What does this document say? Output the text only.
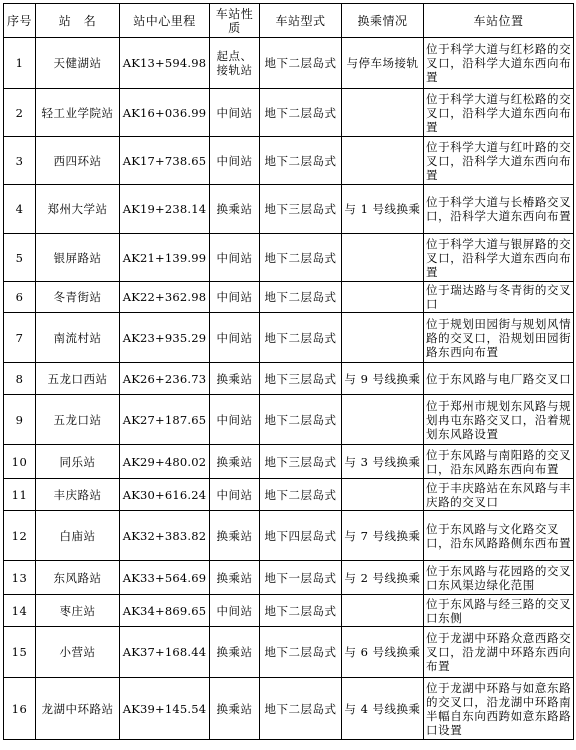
序号	站　名	站中心里程	车站性质	车站型式	换乘情况	车站位置
1	天健湖站	AK13+594.98	起点、接轨站	地下二层岛式	与停车场接轨	位于科学大道与红杉路的交叉口，沿科学大道东西向布置
2	轻工业学院站	AK16+036.99	中间站	地下二层岛式		位于科学大道与红松路的交叉口，沿科学大道东西向布置
3	西四环站	AK17+738.65	中间站	地下二层岛式		位于科学大道与红叶路的交叉口，沿科学大道东西向布置
4	郑州大学站	AK19+238.14	换乘站	地下三层岛式	与 1 号线换乘	位于科学大道与长椿路交叉口，沿科学大道东西向布置
5	银屏路站	AK21+139.99	中间站	地下二层岛式		位于科学大道与银屏路的交叉口，沿科学大道东西向布置
6	冬青街站	AK22+362.98	中间站	地下二层岛式		位于瑞达路与冬青街的交叉口
7	南流村站	AK23+935.29	中间站	地下二层岛式		位于规划田园街与规划风情路的交叉口，沿规划田园街路东西向布置
8	五龙口西站	AK26+236.73	换乘站	地下三层岛式	与 9 号线换乘	位于东风路与电厂路交叉口
9	五龙口站	AK27+187.65	中间站	地下二层岛式		位于郑州市规划东风路与规划冉屯东路交叉口，沿着规划东风路设置
10	同乐站	AK29+480.02	换乘站	地下三层岛式	与 3 号线换乘	位于东风路与南阳路的交叉口，沿东风路东西向布置
11	丰庆路站	AK30+616.24	中间站	地下二层岛式		位于丰庆路站在东风路与丰庆路的交叉口
12	白庙站	AK32+383.82	换乘站	地下四层岛式	与 7 号线换乘	位于东风路与文化路交叉口，沿东风路路侧东西布置
13	东风路站	AK33+564.69	换乘站	地下一层岛式	与 2 号线换乘	位于东风路与花园路的交叉口东风渠边绿化范围
14	枣庄站	AK34+869.65	中间站	地下二层岛式		位于东风路与经三路的交叉口东侧
15	小营站	AK37+168.44	换乘站	地下二层岛式	与 6 号线换乘	位于龙湖中环路众意西路交叉口，沿龙湖中环路东西向布置
16	龙湖中环路站	AK39+145.54	换乘站	地下二层岛式	与 4 号线换乘	位于龙湖中环路与如意东路的交叉口，沿龙湖中环路南半幅自东向西跨如意东路路口设置
